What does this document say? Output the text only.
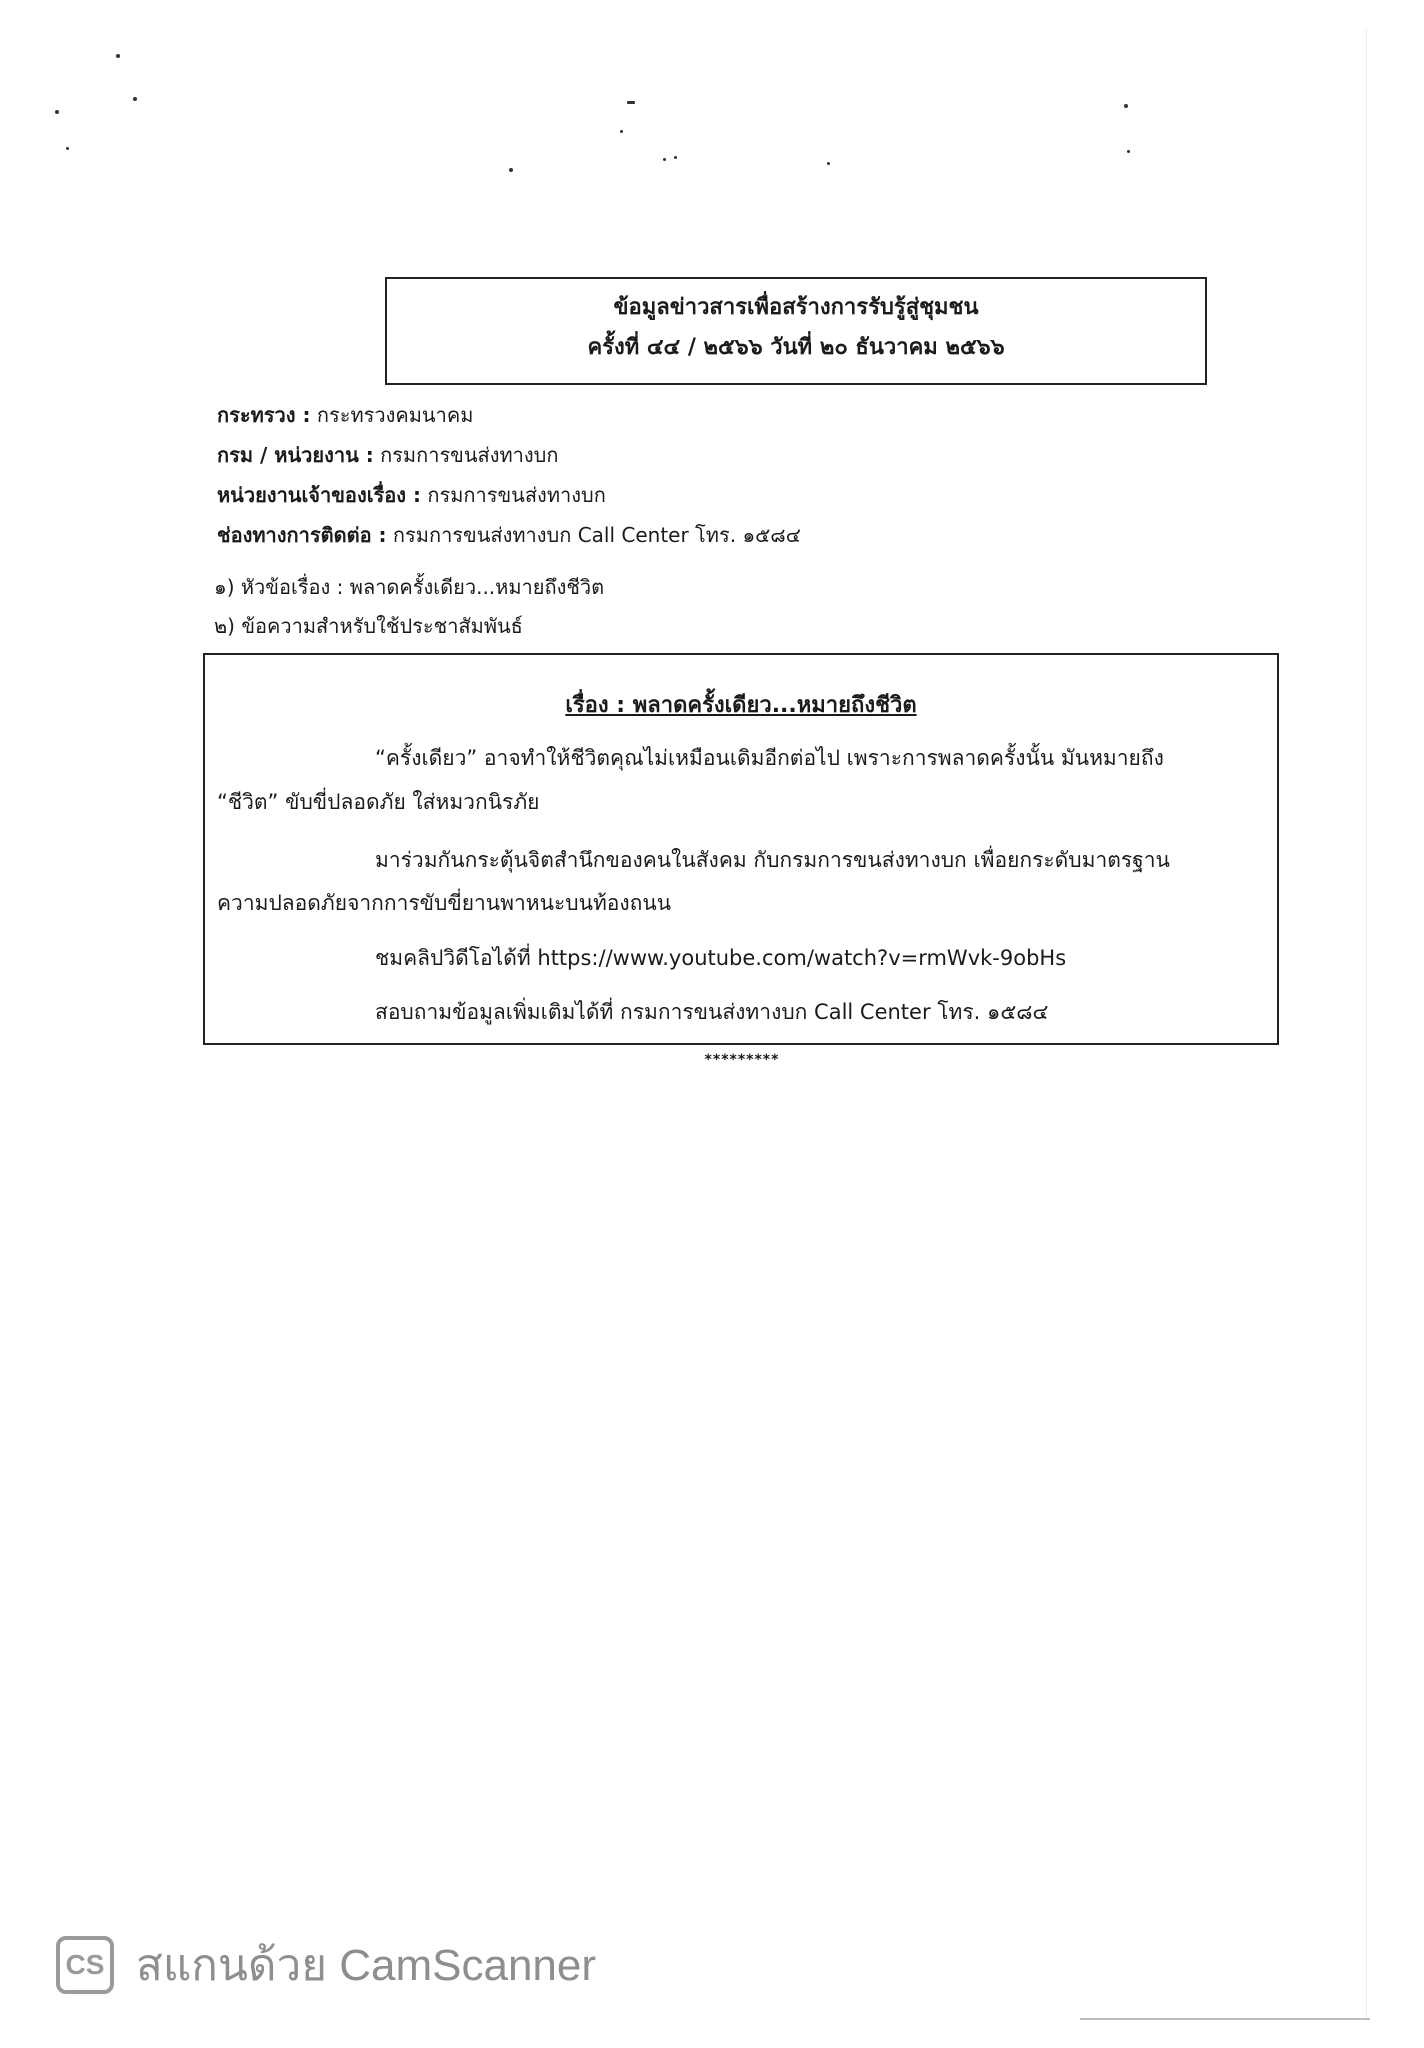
ข้อมูลข่าวสารเพื่อสร้างการรับรู้สู่ชุมชน
ครั้งที่ ๔๔ / ๒๕๖๖ วันที่ ๒๐ ธันวาคม ๒๕๖๖
กระทรวง : กระทรวงคมนาคม
กรม / หน่วยงาน : กรมการขนส่งทางบก
หน่วยงานเจ้าของเรื่อง : กรมการขนส่งทางบก
ช่องทางการติดต่อ : กรมการขนส่งทางบก Call Center โทร. ๑๕๘๔
๑) หัวข้อเรื่อง : พลาดครั้งเดียว...หมายถึงชีวิต
๒) ข้อความสำหรับใช้ประชาสัมพันธ์
เรื่อง : พลาดครั้งเดียว...หมายถึงชีวิต
“ครั้งเดียว” อาจทำให้ชีวิตคุณไม่เหมือนเดิมอีกต่อไป เพราะการพลาดครั้งนั้น มันหมายถึง
“ชีวิต” ขับขี่ปลอดภัย ใส่หมวกนิรภัย
มาร่วมกันกระตุ้นจิตสำนึกของคนในสังคม กับกรมการขนส่งทางบก เพื่อยกระดับมาตรฐาน
ความปลอดภัยจากการขับขี่ยานพาหนะบนท้องถนน
ชมคลิปวิดีโอได้ที่ https://www.youtube.com/watch?v=rmWvk-9obHs
สอบถามข้อมูลเพิ่มเติมได้ที่ กรมการขนส่งทางบก Call Center โทร. ๑๕๘๔
*********
CS สแกนด้วย CamScanner
